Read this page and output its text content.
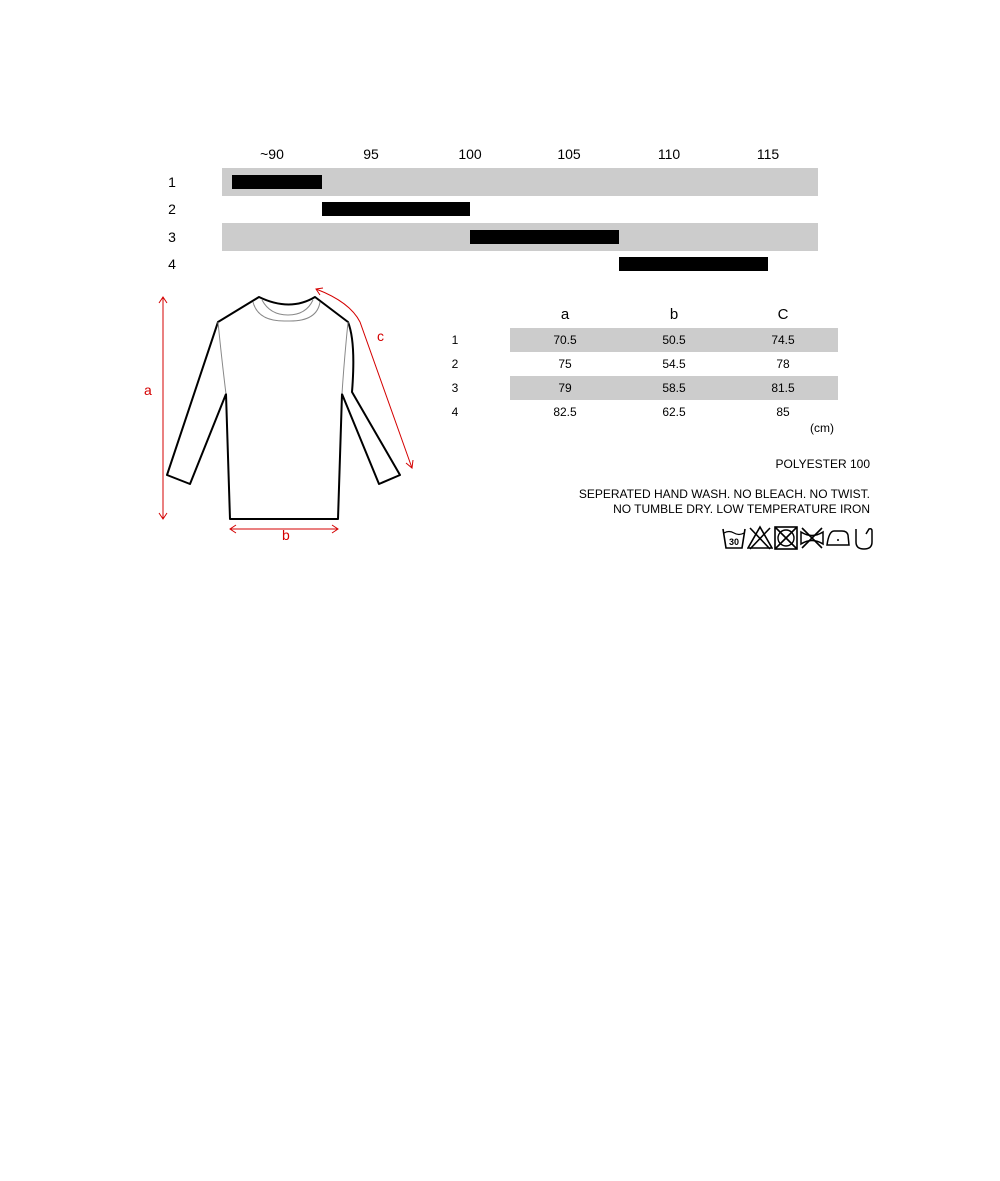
~90	95	100	105	110	115
1
2
3
4
a
b
c
a	b	C
1	70.5	50.5	74.5
2	75	54.5	78
3	79	58.5	81.5
4	82.5	62.5	85
(cm)
POLYESTER 100
SEPERATED HAND WASH. NO BLEACH. NO TWIST.
NO TUMBLE DRY. LOW TEMPERATURE IRON
30
